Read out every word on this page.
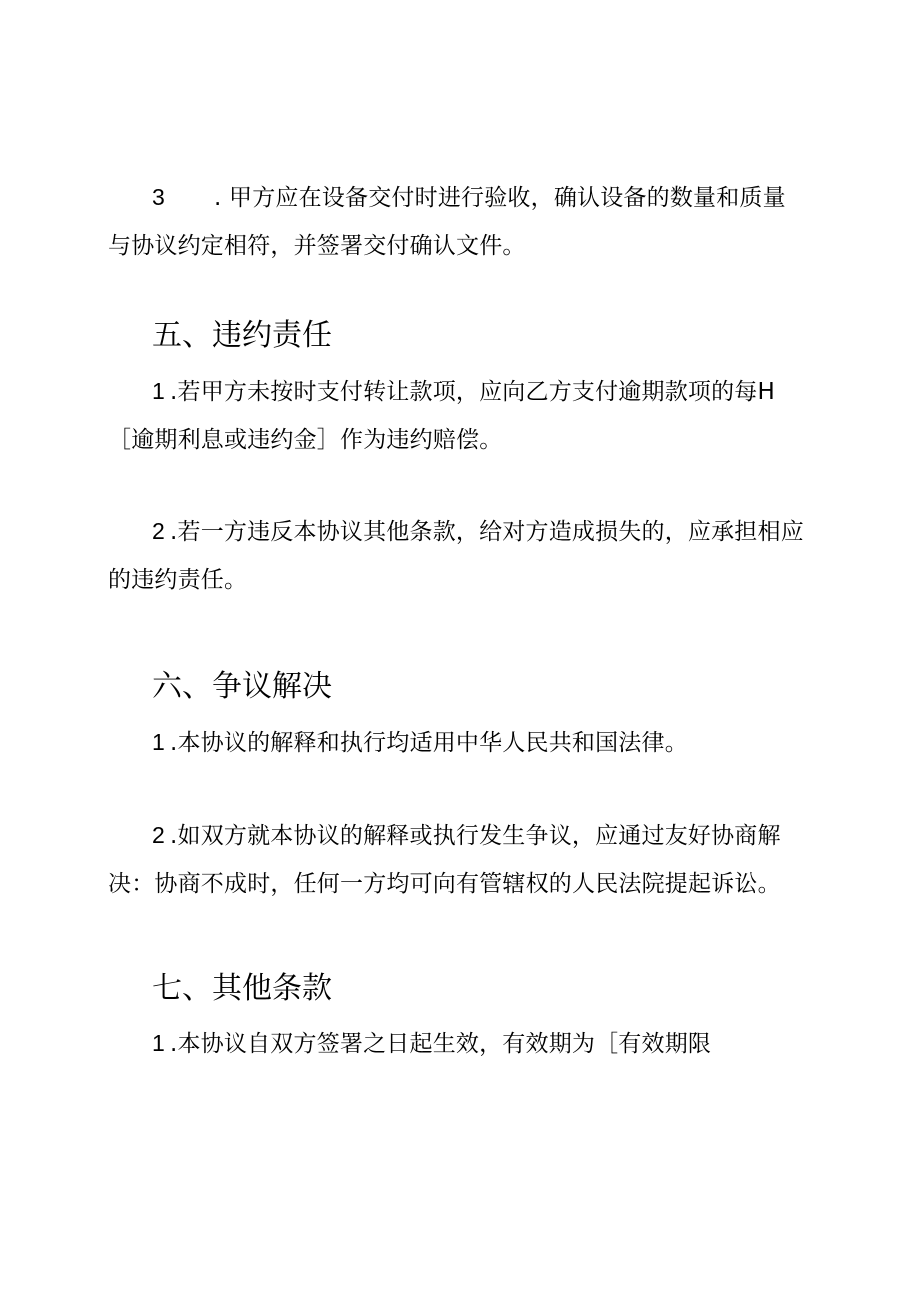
3 . 甲方应在设备交付时进行验收，确认设备的数量和质量
与协议约定相符，并签署交付确认文件。
五、违约责任
1 .若甲方未按时支付转让款项，应向乙方支付逾期款项的每H
［逾期利息或违约金］作为违约赔偿。
2 .若一方违反本协议其他条款，给对方造成损失的，应承担相应
的违约责任。
六、争议解决
1 .本协议的解释和执行均适用中华人民共和国法律。
2 .如双方就本协议的解释或执行发生争议，应通过友好协商解
决：协商不成时，任何一方均可向有管辖权的人民法院提起诉讼。
七、其他条款
1 .本协议自双方签署之日起生效，有效期为［有效期限
